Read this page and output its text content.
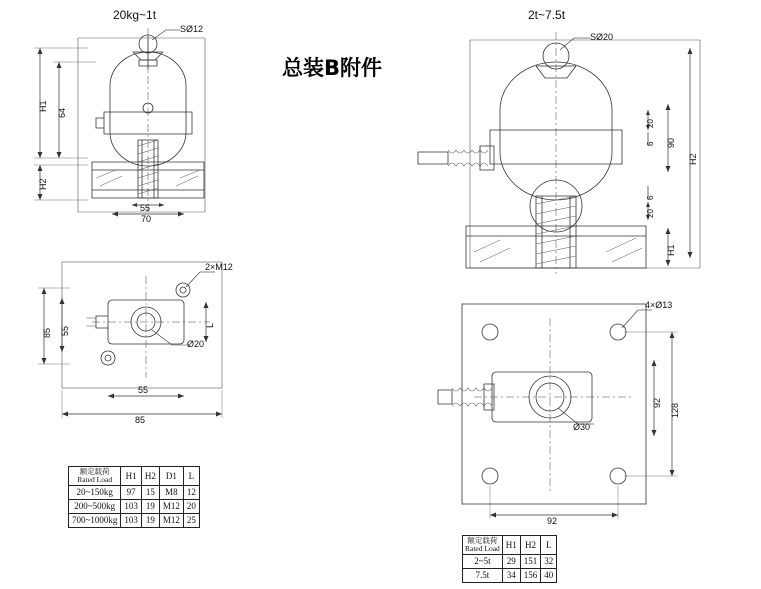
总装B附件
20kg~1t	2t~7.5t
SØ12
H1
64
H2
55
70
2×M12
85 55
L
Ø20
55
85
SØ20
H2
90
H1
20
6
6
20
4×Ø13
92 128
Ø30
92
额定载荷
Rated Load	H1	H2	D1	L
20~150kg	97	15	M8	12
200~500kg	103	19	M12	20
700~1000kg	103	19	M12	25
额定载荷
Rated Load	H1	H2	L
2~5t	29	151	32
7.5t	34	156	40
